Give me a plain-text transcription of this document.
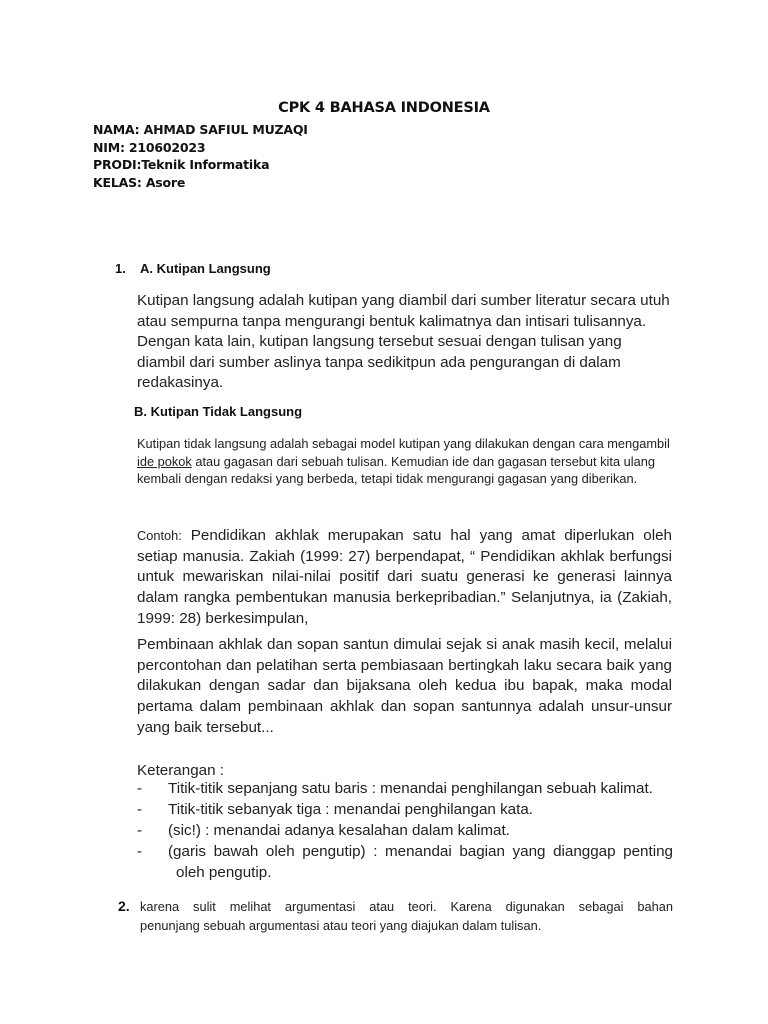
CPK 4 BAHASA INDONESIA
NAMA: AHMAD SAFIUL MUZAQI
NIM: 210602023
PRODI:Teknik Informatika
KELAS: Asore
1. A. Kutipan Langsung
Kutipan langsung adalah kutipan yang diambil dari sumber literatur secara utuh atau sempurna tanpa mengurangi bentuk kalimatnya dan intisari tulisannya. Dengan kata lain, kutipan langsung tersebut sesuai dengan tulisan yang diambil dari sumber aslinya tanpa sedikitpun ada pengurangan di dalam redakasinya.
B. Kutipan Tidak Langsung
Kutipan tidak langsung adalah sebagai model kutipan yang dilakukan dengan cara mengambil ide pokok atau gagasan dari sebuah tulisan. Kemudian ide dan gagasan tersebut kita ulang kembali dengan redaksi yang berbeda, tetapi tidak mengurangi gagasan yang diberikan.
Contoh: Pendidikan akhlak merupakan satu hal yang amat diperlukan oleh setiap manusia. Zakiah (1999: 27) berpendapat, “ Pendidikan akhlak berfungsi untuk mewariskan nilai-nilai positif dari suatu generasi ke generasi lainnya dalam rangka pembentukan manusia berkepribadian.” Selanjutnya, ia (Zakiah, 1999: 28) berkesimpulan,
Pembinaan akhlak dan sopan santun dimulai sejak si anak masih kecil, melalui percontohan dan pelatihan serta pembiasaan bertingkah laku secara baik yang dilakukan dengan sadar dan bijaksana oleh kedua ibu bapak, maka modal pertama dalam pembinaan akhlak dan sopan santunnya adalah unsur-unsur yang baik tersebut...
Keterangan :
- Titik-titik sepanjang satu baris : menandai penghilangan sebuah kalimat.
- Titik-titik sebanyak tiga : menandai penghilangan kata.
- (sic!) : menandai adanya kesalahan dalam kalimat.
- (garis bawah oleh pengutip) : menandai bagian yang dianggap penting
oleh pengutip.
2. karena sulit melihat argumentasi atau teori. Karena digunakan sebagai bahan
penunjang sebuah argumentasi atau teori yang diajukan dalam tulisan.
